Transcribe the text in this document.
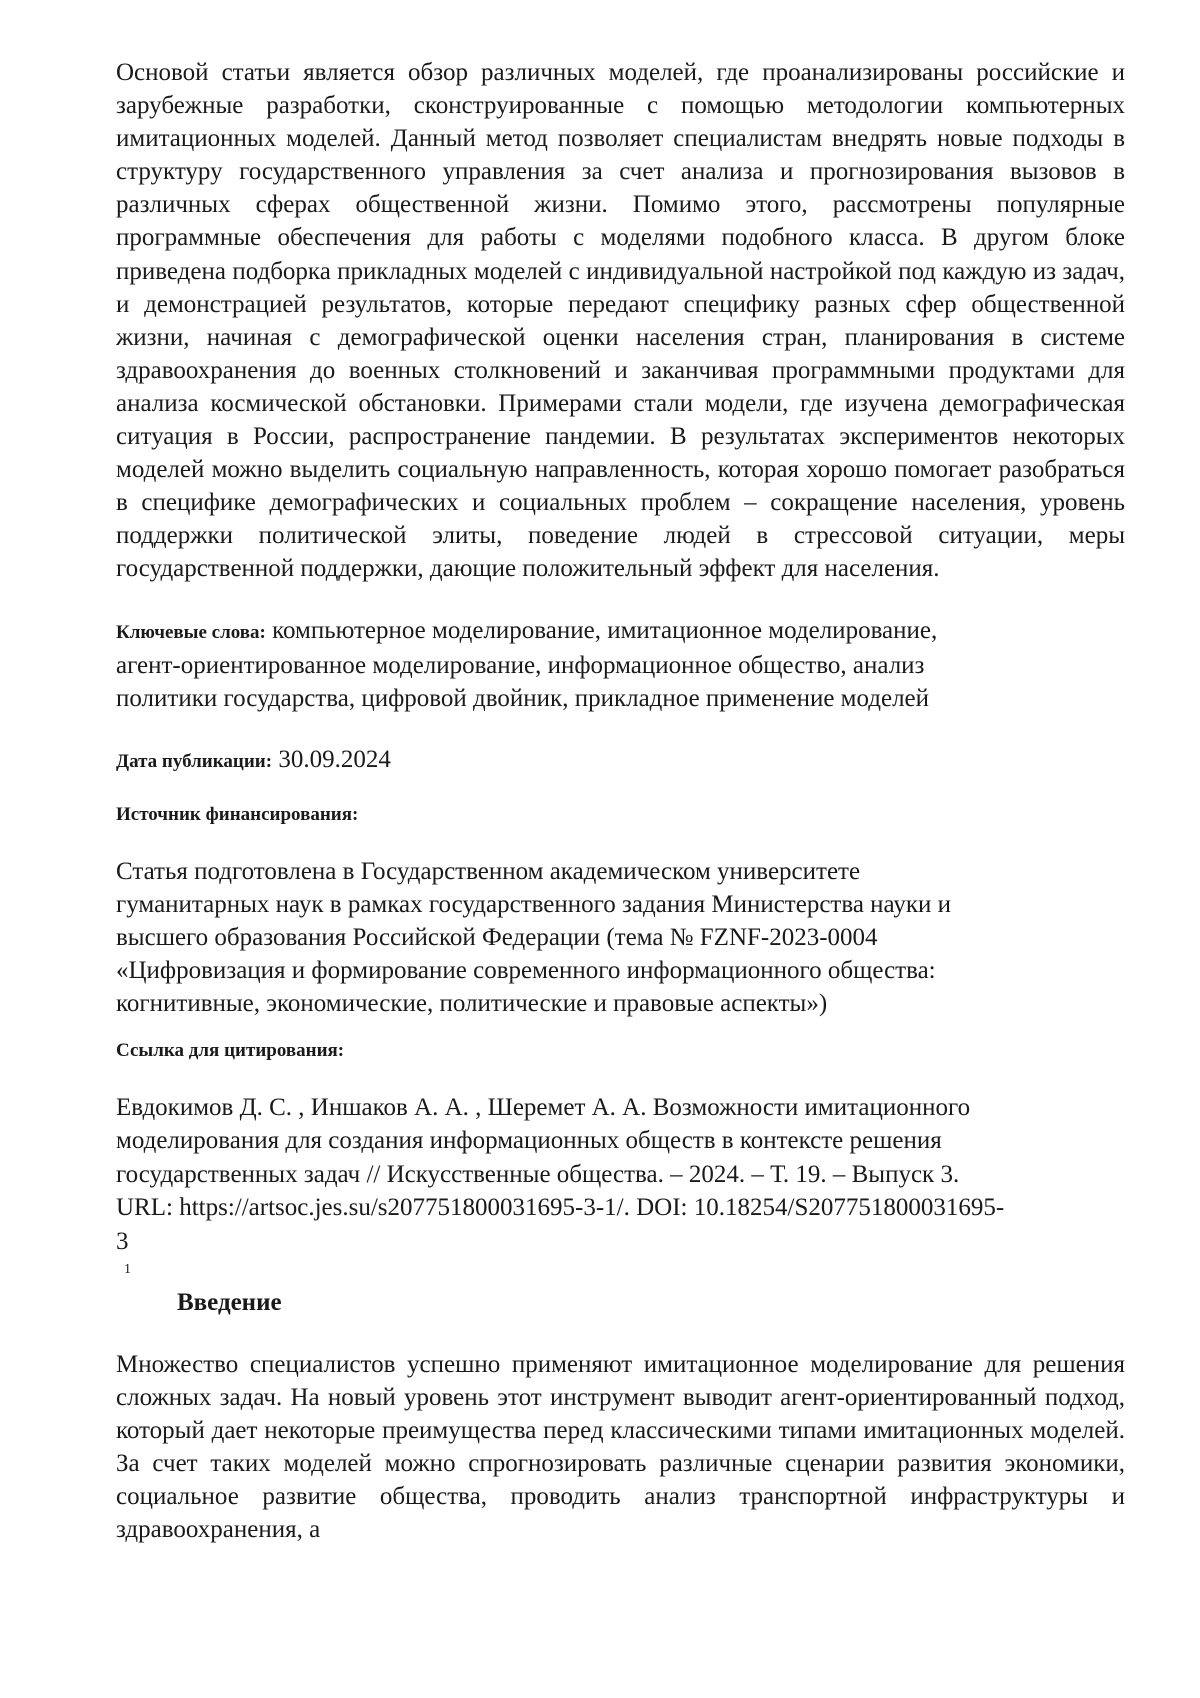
Основой статьи является обзор различных моделей, где проанализированы российские и зарубежные разработки, сконструированные с помощью методологии компьютерных имитационных моделей. Данный метод позволяет специалистам внедрять новые подходы в структуру государственного управления за счет анализа и прогнозирования вызовов в различных сферах общественной жизни. Помимо этого, рассмотрены популярные программные обеспечения для работы с моделями подобного класса. В другом блоке приведена подборка прикладных моделей с индивидуальной настройкой под каждую из задач, и демонстрацией результатов, которые передают специфику разных сфер общественной жизни, начиная с демографической оценки населения стран, планирования в системе здравоохранения до военных столкновений и заканчивая программными продуктами для анализа космической обстановки. Примерами стали модели, где изучена демографическая ситуация в России, распространение пандемии. В результатах экспериментов некоторых моделей можно выделить социальную направленность, которая хорошо помогает разобраться в специфике демографических и социальных проблем – сокращение населения, уровень поддержки политической элиты, поведение людей в стрессовой ситуации, меры государственной поддержки, дающие положительный эффект для населения.

Ключевые слова: компьютерное моделирование, имитационное моделирование,
агент-ориентированное моделирование, информационное общество, анализ
политики государства, цифровой двойник, прикладное применение моделей

Дата публикации: 30.09.2024

Источник финансирования:

Статья подготовлена в Государственном академическом университете
гуманитарных наук в рамках государственного задания Министерства науки и
высшего образования Российской Федерации (тема № FZNF-2023-0004
«Цифровизация и формирование современного информационного общества:
когнитивные, экономические, политические и правовые аспекты»)

Ссылка для цитирования:

Евдокимов Д. С. , Иншаков А. А. , Шеремет А. А. Возможности имитационного
моделирования для создания информационных обществ в контексте решения
государственных задач // Искусственные общества. – 2024. – Т. 19. – Выпуск 3.
URL: https://artsoc.jes.su/s207751800031695-3-1/. DOI: 10.18254/S207751800031695-
3

1

Введение

Множество специалистов успешно применяют имитационное моделирование для решения сложных задач. На новый уровень этот инструмент выводит агент-ориентированный подход, который дает некоторые преимущества перед классическими типами имитационных моделей. За счет таких моделей можно спрогнозировать различные сценарии развития экономики, социальное развитие общества, проводить анализ транспортной инфраструктуры и здравоохранения, а
